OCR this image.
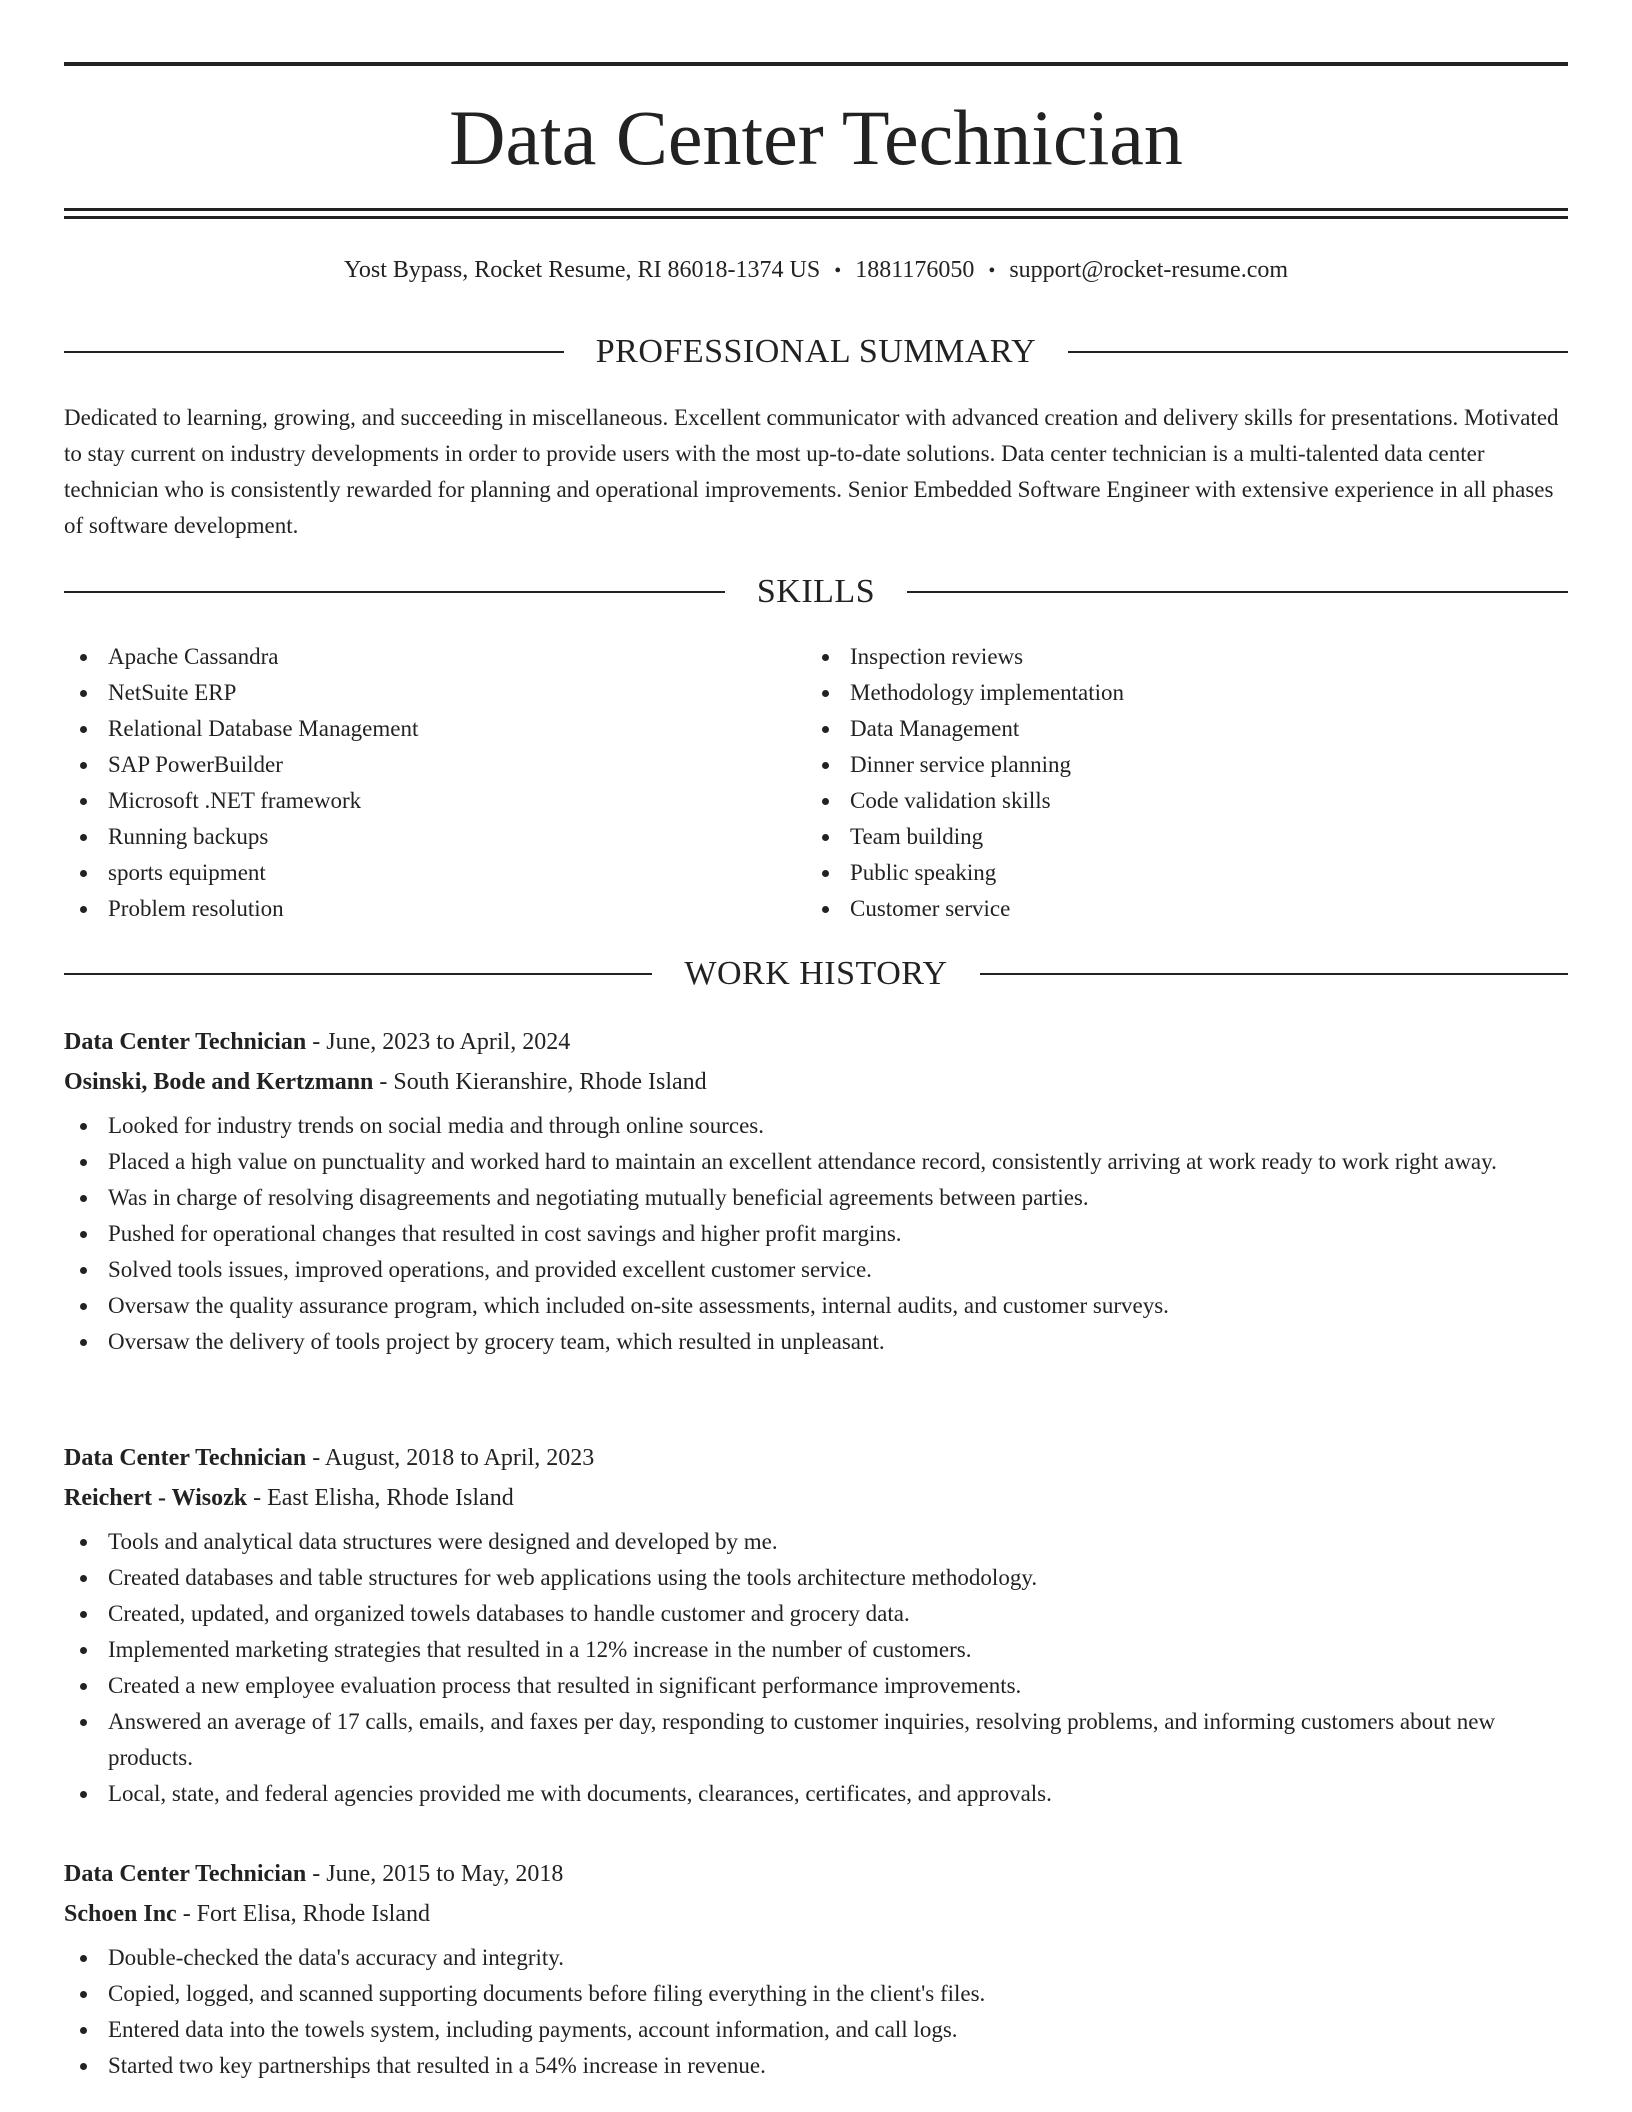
Data Center Technician
Yost Bypass, Rocket Resume, RI 86018-1374 US • 1881176050 • support@rocket-resume.com
PROFESSIONAL SUMMARY

Dedicated to learning, growing, and succeeding in miscellaneous. Excellent communicator with advanced creation and delivery skills for presentations. Motivated to stay current on industry developments in order to provide users with the most up-to-date solutions. Data center technician is a multi-talented data center technician who is consistently rewarded for planning and operational improvements. Senior Embedded Software Engineer with extensive experience in all phases of software development.

SKILLS
Apache Cassandra
NetSuite ERP
Relational Database Management
SAP PowerBuilder
Microsoft .NET framework
Running backups
sports equipment
Problem resolution
Inspection reviews
Methodology implementation
Data Management
Dinner service planning
Code validation skills
Team building
Public speaking
Customer service
WORK HISTORY
Data Center Technician - June, 2023 to April, 2024
Osinski, Bode and Kertzmann - South Kieranshire, Rhode Island
Looked for industry trends on social media and through online sources.
Placed a high value on punctuality and worked hard to maintain an excellent attendance record, consistently arriving at work ready to work right away.
Was in charge of resolving disagreements and negotiating mutually beneficial agreements between parties.
Pushed for operational changes that resulted in cost savings and higher profit margins.
Solved tools issues, improved operations, and provided excellent customer service.
Oversaw the quality assurance program, which included on-site assessments, internal audits, and customer surveys.
Oversaw the delivery of tools project by grocery team, which resulted in unpleasant.
Data Center Technician - August, 2018 to April, 2023
Reichert - Wisozk - East Elisha, Rhode Island
Tools and analytical data structures were designed and developed by me.
Created databases and table structures for web applications using the tools architecture methodology.
Created, updated, and organized towels databases to handle customer and grocery data.
Implemented marketing strategies that resulted in a 12% increase in the number of customers.
Created a new employee evaluation process that resulted in significant performance improvements.
Answered an average of 17 calls, emails, and faxes per day, responding to customer inquiries, resolving problems, and informing customers about new products.
Local, state, and federal agencies provided me with documents, clearances, certificates, and approvals.
Data Center Technician - June, 2015 to May, 2018
Schoen Inc - Fort Elisa, Rhode Island
Double-checked the data's accuracy and integrity.
Copied, logged, and scanned supporting documents before filing everything in the client's files.
Entered data into the towels system, including payments, account information, and call logs.
Started two key partnerships that resulted in a 54% increase in revenue.
